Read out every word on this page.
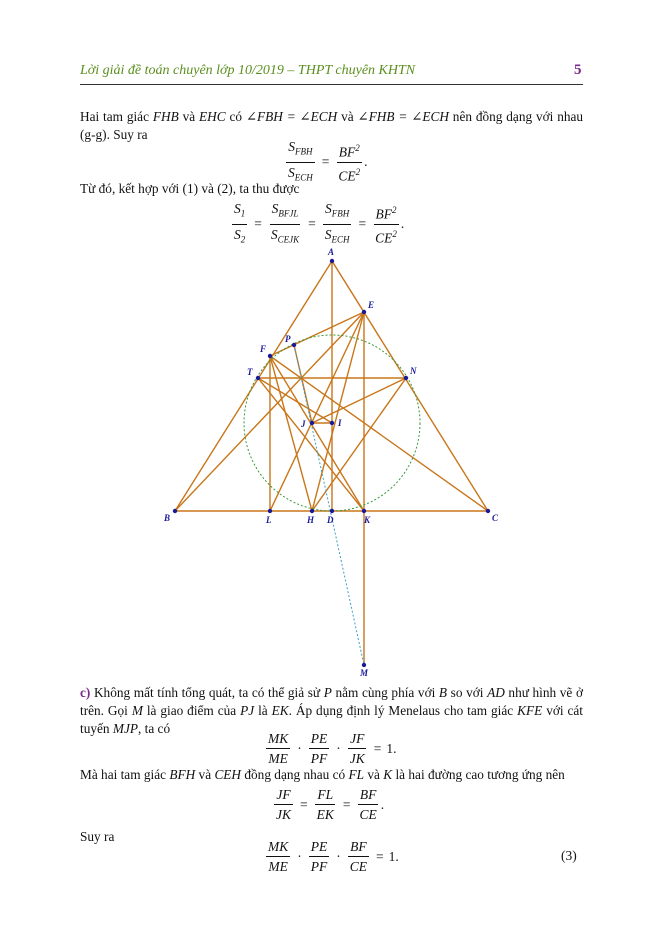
Lời giải đề toán chuyên lớp 10/2019 – THPT chuyên KHTN	5
Hai tam giác FHB và EHC có ∠FBH = ∠ECH và ∠FHB = ∠ECH nên đồng dạng với nhau (g-g). Suy ra
$\frac{S_{FBH}}{S_{ECH}} = \frac{BF^2}{CE^2}$ .
Từ đó, kết hợp với (1) và (2), ta thu được
$\frac{S_1}{S_2} = \frac{S_{BFJL}}{S_{CEJK}} = \frac{S_{FBH}}{S_{ECH}} = \frac{BF^2}{CE^2}$ .
A
E
P
F
T	N
J	I
B	L	H D	K	C
M
c) Không mất tính tổng quát, ta có thể giả sử P nằm cùng phía với B so với AD như hình vẽ ở trên. Gọi M là giao điểm của PJ là EK. Áp dụng định lý Menelaus cho tam giác KFE với cát tuyến MJP, ta có
$\frac{MK}{ME} \cdot \frac{PE}{PF} \cdot \frac{JF}{JK} = 1$.
Mà hai tam giác BFH và CEH đồng dạng nhau có FL và K là hai đường cao tương ứng nên
$\frac{JF}{JK} = \frac{FL}{EK} = \frac{BF}{CE}$ .
Suy ra
$\frac{MK}{ME} \cdot \frac{PE}{PF} \cdot \frac{BF}{CE} = 1$.	(3)
